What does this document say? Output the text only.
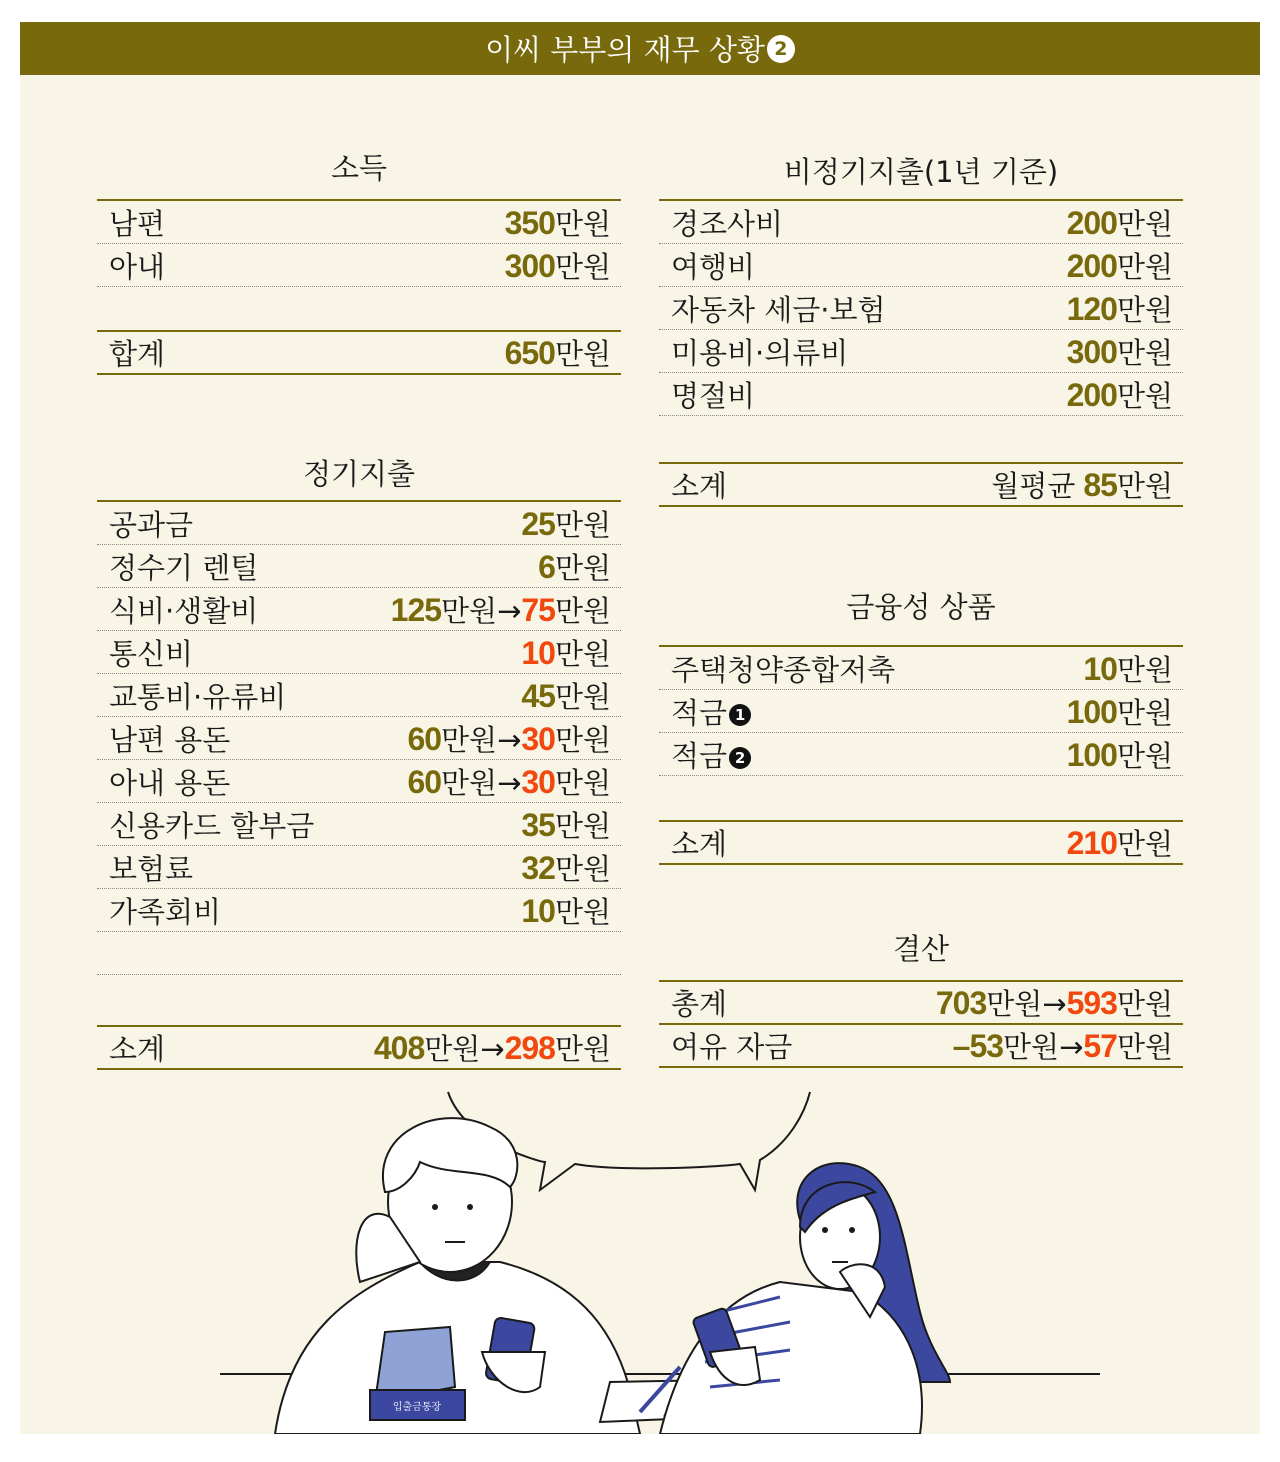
이씨 부부의 재무 상황 2
소득
남편	350 만원
아내	300 만원
합계	650 만원
정기지출
공과금	25 만원
정수기 렌털	6 만원
식비·생활비	125 만원 → 75 만원
통신비	10 만원
교통비·유류비	45 만원
남편 용돈	60 만원 → 30 만원
아내 용돈	60 만원 → 30 만원
신용카드 할부금	35 만원
보험료	32 만원
가족회비	10 만원
소계	408 만원 → 298 만원
비정기지출(1년 기준)
경조사비	200 만원
여행비	200 만원
자동차 세금·보험	120 만원
미용비·의류비	300 만원
명절비	200 만원
소계	월평균 85 만원
금융성 상품
주택청약종합저축	10 만원
적금 1	100 만원
적금 2	100 만원
소계	210 만원
결산
총계	703 만원 → 593 만원
여유 자금	–53 만원 → 57 만원
입출금통장
